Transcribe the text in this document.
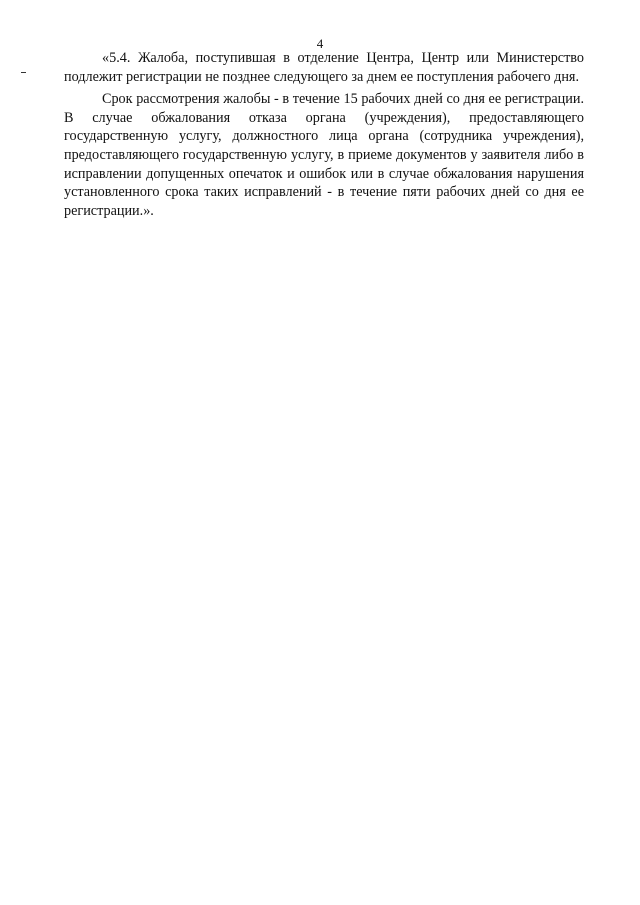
4

«5.4. Жалоба, поступившая в отделение Центра, Центр или Министерство подлежит регистрации не позднее следующего за днем ее поступления рабочего дня.

Срок рассмотрения жалобы - в течение 15 рабочих дней со дня ее регистрации. В случае обжалования отказа органа (учреждения), предоставляющего государственную услугу, должностного лица органа (сотрудника учреждения), предоставляющего государственную услугу, в приеме документов у заявителя либо в исправлении допущенных опечаток и ошибок или в случае обжалования нарушения установленного срока таких исправлений - в течение пяти рабочих дней со дня ее регистрации.».
